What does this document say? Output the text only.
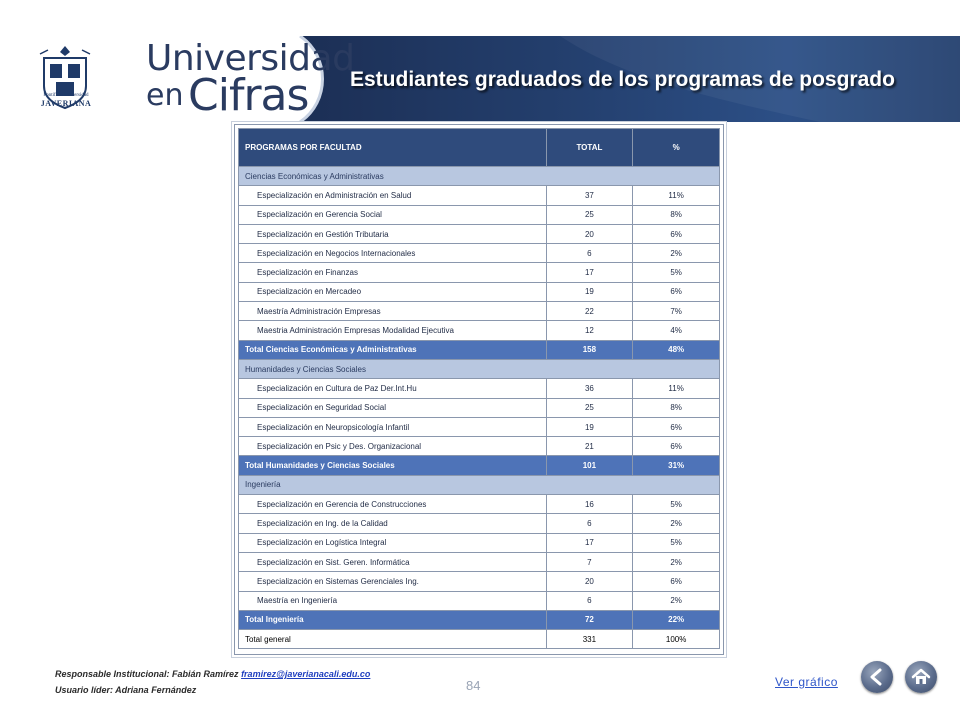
Pontificia Universidad
JAVERIANA
Universidad
en Cifras Estudiantes graduados de los programas de posgrado
PROGRAMAS POR FACULTAD	TOTAL	%
Ciencias Económicas y Administrativas		
Especialización en Administración en Salud	37	11%
Especialización en Gerencia Social	25	8%
Especialización en Gestión Tributaria	20	6%
Especialización en Negocios Internacionales	6	2%
Especialización en Finanzas	17	5%
Especialización en Mercadeo	19	6%
Maestría Administración Empresas	22	7%
Maestria Administración Empresas Modalidad Ejecutiva	12	4%
Total Ciencias Económicas y Administrativas	158	48%
Humanidades y Ciencias Sociales		
Especialización en Cultura de Paz Der.Int.Hu	36	11%
Especialización en Seguridad Social	25	8%
Especialización en Neuropsicología Infantil	19	6%
Especialización en Psic y Des. Organizacional	21	6%
Total Humanidades y Ciencias Sociales	101	31%
Ingeniería		
Especialización en Gerencia de Construcciones	16	5%
Especialización en Ing. de la Calidad	6	2%
Especialización en Logística Integral	17	5%
Especialización en Sist. Geren. Informática	7	2%
Especialización en Sistemas Gerenciales Ing.	20	6%
Maestría en Ingeniería	6	2%
Total Ingeniería	72	22%
Total general	331	100%
Responsable Institucional: Fabián Ramírez framirez@javerianacali.edu.co
Usuario líder: Adriana Fernández	84	Ver gráfico
